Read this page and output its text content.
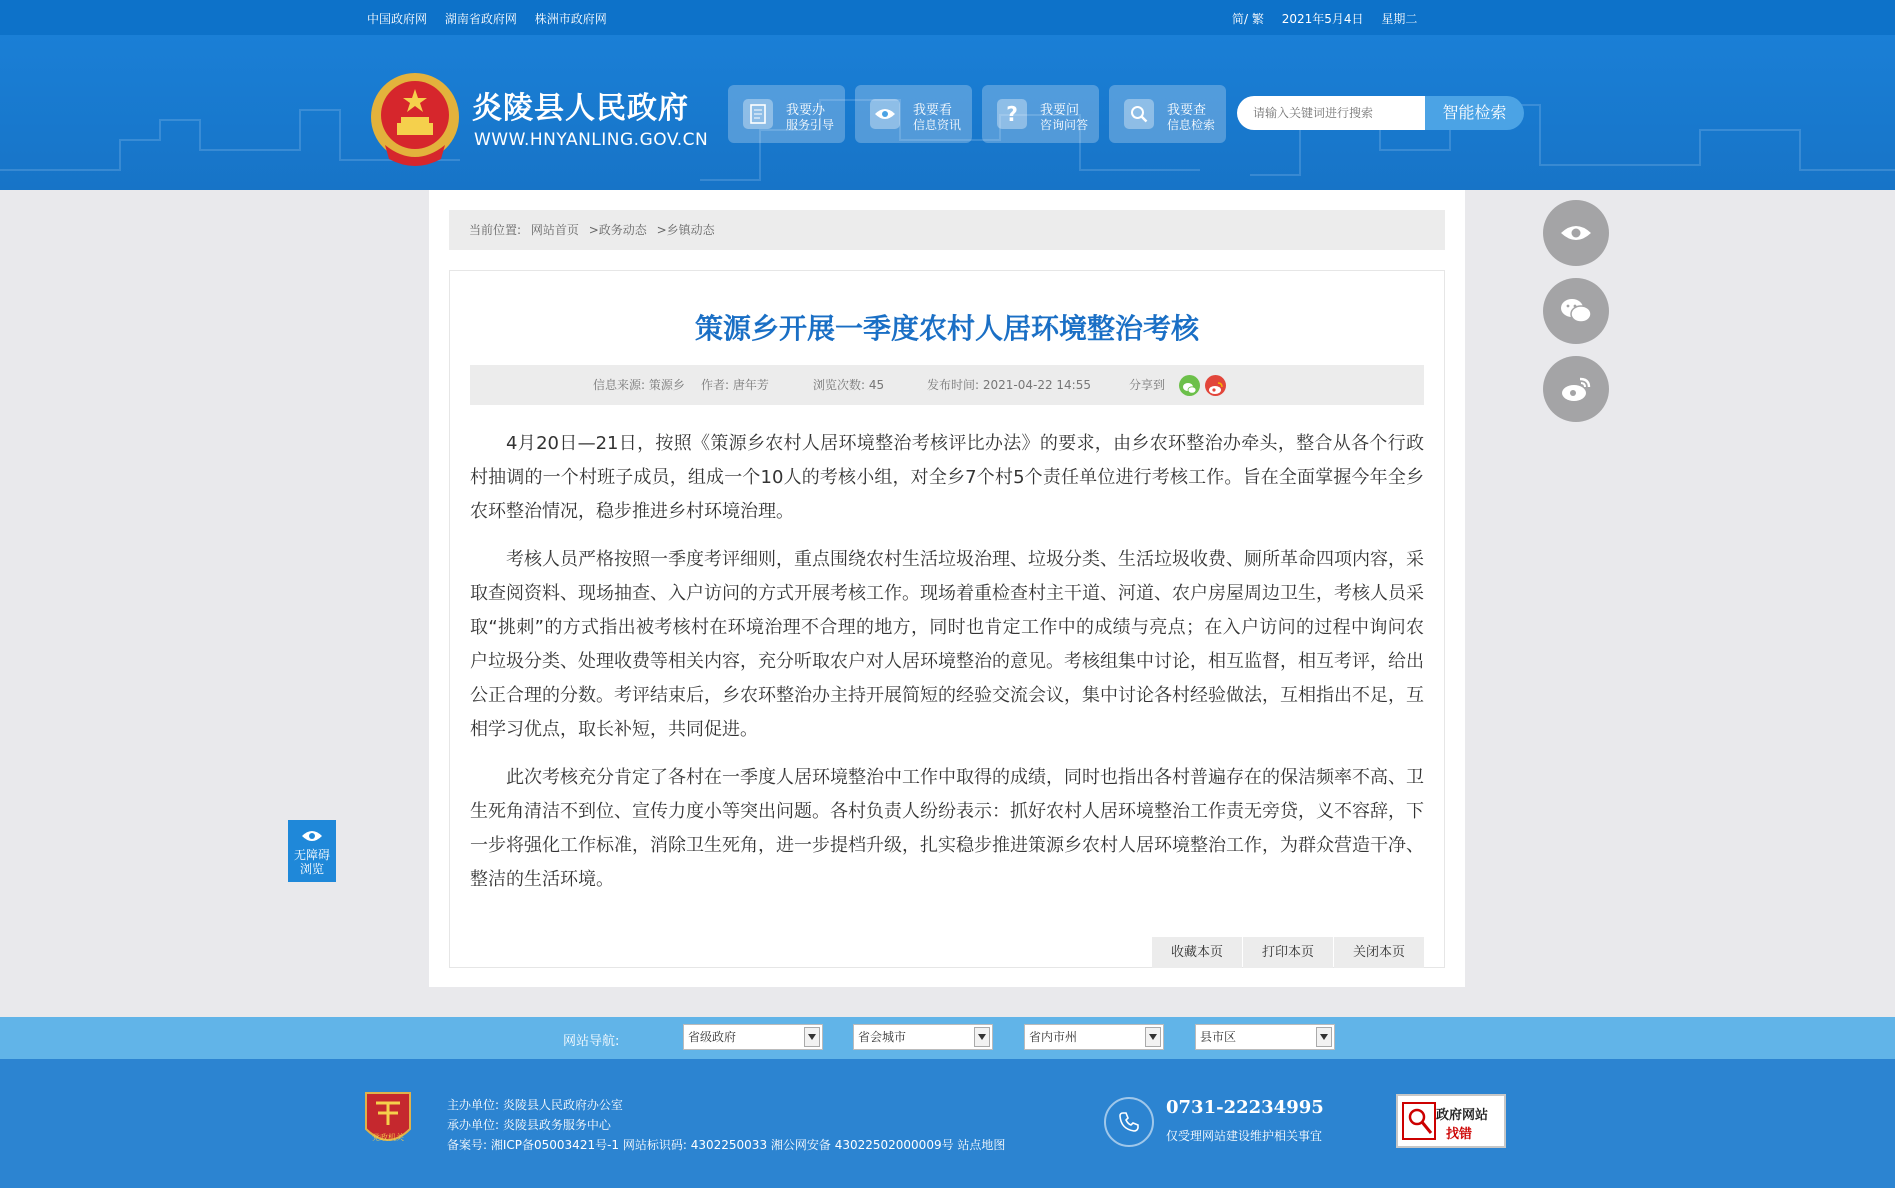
中国政府网 湖南省政府网 株洲市政府网	简/ 繁 2021年5月4日 星期二
炎陵县人民政府
WWW.HNYANLING.GOV.CN
我要办
服务引导
我要看
信息资讯 ? 我要问
咨询问答
我要查
信息检索
请输入关键词进行搜索
智能检索
当前位置: 网站首页 >政务动态 >乡镇动态
策源乡开展一季度农村人居环境整治考核
信息来源: 策源乡 作者: 唐年芳	浏览次数: 45	发布时间: 2021-04-22 14:55	分享到

4月20日—21日，按照《策源乡农村人居环境整治考核评比办法》的要求，由乡农环整治办牵头，整合从各个行政村抽调的一个村班子成员，组成一个10人的考核小组，对全乡7个村5个责任单位进行考核工作。旨在全面掌握今年全乡农环整治情况，稳步推进乡村环境治理。

考核人员严格按照一季度考评细则，重点围绕农村生活垃圾治理、垃圾分类、生活垃圾收费、厕所革命四项内容，采取查阅资料、现场抽查、入户访问的方式开展考核工作。现场着重检查村主干道、河道、农户房屋周边卫生，考核人员采取“挑刺”的方式指出被考核村在环境治理不合理的地方，同时也肯定工作中的成绩与亮点；在入户访问的过程中询问农户垃圾分类、处理收费等相关内容，充分听取农户对人居环境整治的意见。考核组集中讨论，相互监督，相互考评，给出公正合理的分数。考评结束后，乡农环整治办主持开展简短的经验交流会议，集中讨论各村经验做法，互相指出不足，互相学习优点，取长补短，共同促进。

此次考核充分肯定了各村在一季度人居环境整治中工作中取得的成绩，同时也指出各村普遍存在的保洁频率不高、卫生死角清洁不到位、宣传力度小等突出问题。各村负责人纷纷表示：抓好农村人居环境整治工作责无旁贷，义不容辞，下一步将强化工作标准，消除卫生死角，进一步提档升级，扎实稳步推进策源乡农村人居环境整治工作，为群众营造干净、整洁的生活环境。

收藏本页	打印本页	关闭本页
无障碍
浏览
网站导航:	省级政府	省会城市	省内市州	县市区
党政机关
主办单位: 炎陵县人民政府办公室
承办单位: 炎陵县政务服务中心
备案号: 湘ICP备05003421号-1 网站标识码: 4302250033 湘公网安备 43022502000009号 站点地图
0731-22234995
仅受理网站建设维护相关事宜
政府网站
找错
